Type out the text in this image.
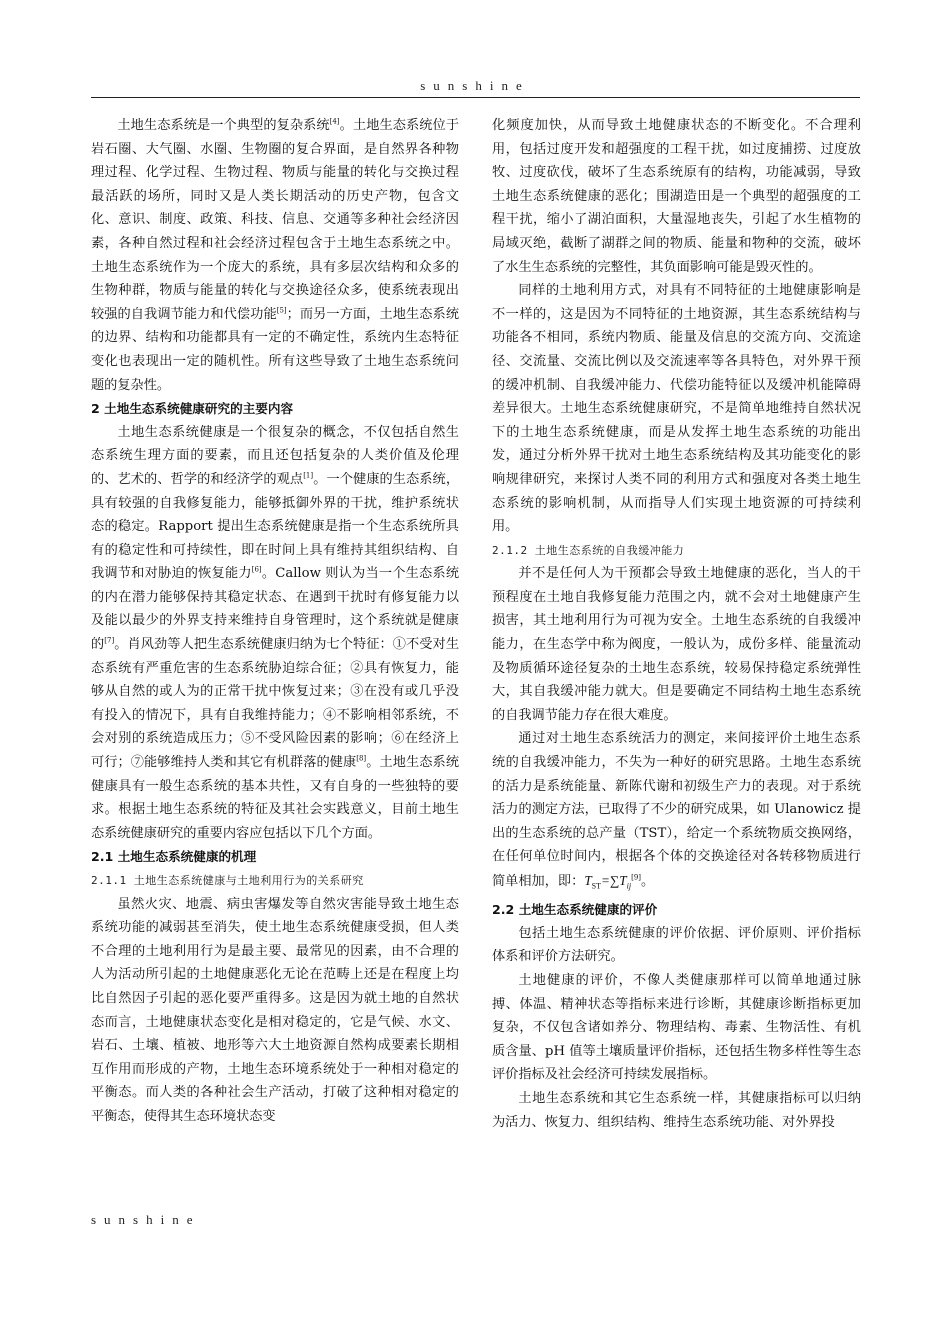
sunshine

土地生态系统是一个典型的复杂系统[4]。土地生态系统位于岩石圈、大气圈、水圈、生物圈的复合界面，是自然界各种物理过程、化学过程、生物过程、物质与能量的转化与交换过程最活跃的场所，同时又是人类长期活动的历史产物，包含文化、意识、制度、政策、科技、信息、交通等多种社会经济因素，各种自然过程和社会经济过程包含于土地生态系统之中。土地生态系统作为一个庞大的系统，具有多层次结构和众多的生物种群，物质与能量的转化与交换途径众多，使系统表现出较强的自我调节能力和代偿功能[5]；而另一方面，土地生态系统的边界、结构和功能都具有一定的不确定性，系统内生态特征变化也表现出一定的随机性。所有这些导致了土地生态系统问题的复杂性。

2 土地生态系统健康研究的主要内容

土地生态系统健康是一个很复杂的概念，不仅包括自然生态系统生理方面的要素，而且还包括复杂的人类价值及伦理的、艺术的、哲学的和经济学的观点[1]。一个健康的生态系统，具有较强的自我修复能力，能够抵御外界的干扰，维护系统状态的稳定。Rapport 提出生态系统健康是指一个生态系统所具有的稳定性和可持续性，即在时间上具有维持其组织结构、自我调节和对胁迫的恢复能力[6]。Callow 则认为当一个生态系统的内在潜力能够保持其稳定状态、在遇到干扰时有修复能力以及能以最少的外界支持来维持自身管理时，这个系统就是健康的[7]。肖风劲等人把生态系统健康归纳为七个特征：①不受对生态系统有严重危害的生态系统胁迫综合征；②具有恢复力，能够从自然的或人为的正常干扰中恢复过来；③在没有或几乎没有投入的情况下，具有自我维持能力；④不影响相邻系统，不会对别的系统造成压力；⑤不受风险因素的影响；⑥在经济上可行；⑦能够维持人类和其它有机群落的健康[8]。土地生态系统健康具有一般生态系统的基本共性，又有自身的一些独特的要求。根据土地生态系统的特征及其社会实践意义，目前土地生态系统健康研究的重要内容应包括以下几个方面。

2.1 土地生态系统健康的机理
2.1.1 土地生态系统健康与土地利用行为的关系研究

虽然火灾、地震、病虫害爆发等自然灾害能导致土地生态系统功能的减弱甚至消失，使土地生态系统健康受损，但人类不合理的土地利用行为是最主要、最常见的因素，由不合理的人为活动所引起的土地健康恶化无论在范畴上还是在程度上均比自然因子引起的恶化要严重得多。这是因为就土地的自然状态而言，土地健康状态变化是相对稳定的，它是气候、水文、岩石、土壤、植被、地形等六大土地资源自然构成要素长期相互作用而形成的产物，土地生态环境系统处于一种相对稳定的平衡态。而人类的各种社会生产活动，打破了这种相对稳定的平衡态，使得其生态环境状态变

化频度加快，从而导致土地健康状态的不断变化。不合理利用，包括过度开发和超强度的工程干扰，如过度捕捞、过度放牧、过度砍伐，破坏了生态系统原有的结构，功能减弱，导致土地生态系统健康的恶化；围湖造田是一个典型的超强度的工程干扰，缩小了湖泊面积，大量湿地丧失，引起了水生植物的局域灭绝，截断了湖群之间的物质、能量和物种的交流，破坏了水生生态系统的完整性，其负面影响可能是毁灭性的。

同样的土地利用方式，对具有不同特征的土地健康影响是不一样的，这是因为不同特征的土地资源，其生态系统结构与功能各不相同，系统内物质、能量及信息的交流方向、交流途径、交流量、交流比例以及交流速率等各具特色，对外界干预的缓冲机制、自我缓冲能力、代偿功能特征以及缓冲机能障碍差异很大。土地生态系统健康研究，不是简单地维持自然状况下的土地生态系统健康，而是从发挥土地生态系统的功能出发，通过分析外界干扰对土地生态系统结构及其功能变化的影响规律研究，来探讨人类不同的利用方式和强度对各类土地生态系统的影响机制，从而指导人们实现土地资源的可持续利用。

2.1.2 土地生态系统的自我缓冲能力

并不是任何人为干预都会导致土地健康的恶化，当人的干预程度在土地自我修复能力范围之内，就不会对土地健康产生损害，其土地利用行为可视为安全。土地生态系统的自我缓冲能力，在生态学中称为阀度，一般认为，成份多样、能量流动及物质循环途径复杂的土地生态系统，较易保持稳定系统弹性大，其自我缓冲能力就大。但是要确定不同结构土地生态系统的自我调节能力存在很大难度。

通过对土地生态系统活力的测定，来间接评价土地生态系统的自我缓冲能力，不失为一种好的研究思路。土地生态系统的活力是系统能量、新陈代谢和初级生产力的表现。对于系统活力的测定方法，已取得了不少的研究成果，如 Ulanowicz 提出的生态系统的总产量（TST），给定一个系统物质交换网络，在任何单位时间内，根据各个体的交换途径对各转移物质进行简单相加，即：$T_{ST}=\sum T_{ij}[9]$。

2.2 土地生态系统健康的评价

包括土地生态系统健康的评价依据、评价原则、评价指标体系和评价方法研究。

土地健康的评价，不像人类健康那样可以简单地通过脉搏、体温、精神状态等指标来进行诊断，其健康诊断指标更加复杂，不仅包含诸如养分、物理结构、毒素、生物活性、有机质含量、pH 值等土壤质量评价指标，还包括生物多样性等生态评价指标及社会经济可持续发展指标。

土地生态系统和其它生态系统一样，其健康指标可以归纳为活力、恢复力、组织结构、维持生态系统功能、对外界投

sunshine
